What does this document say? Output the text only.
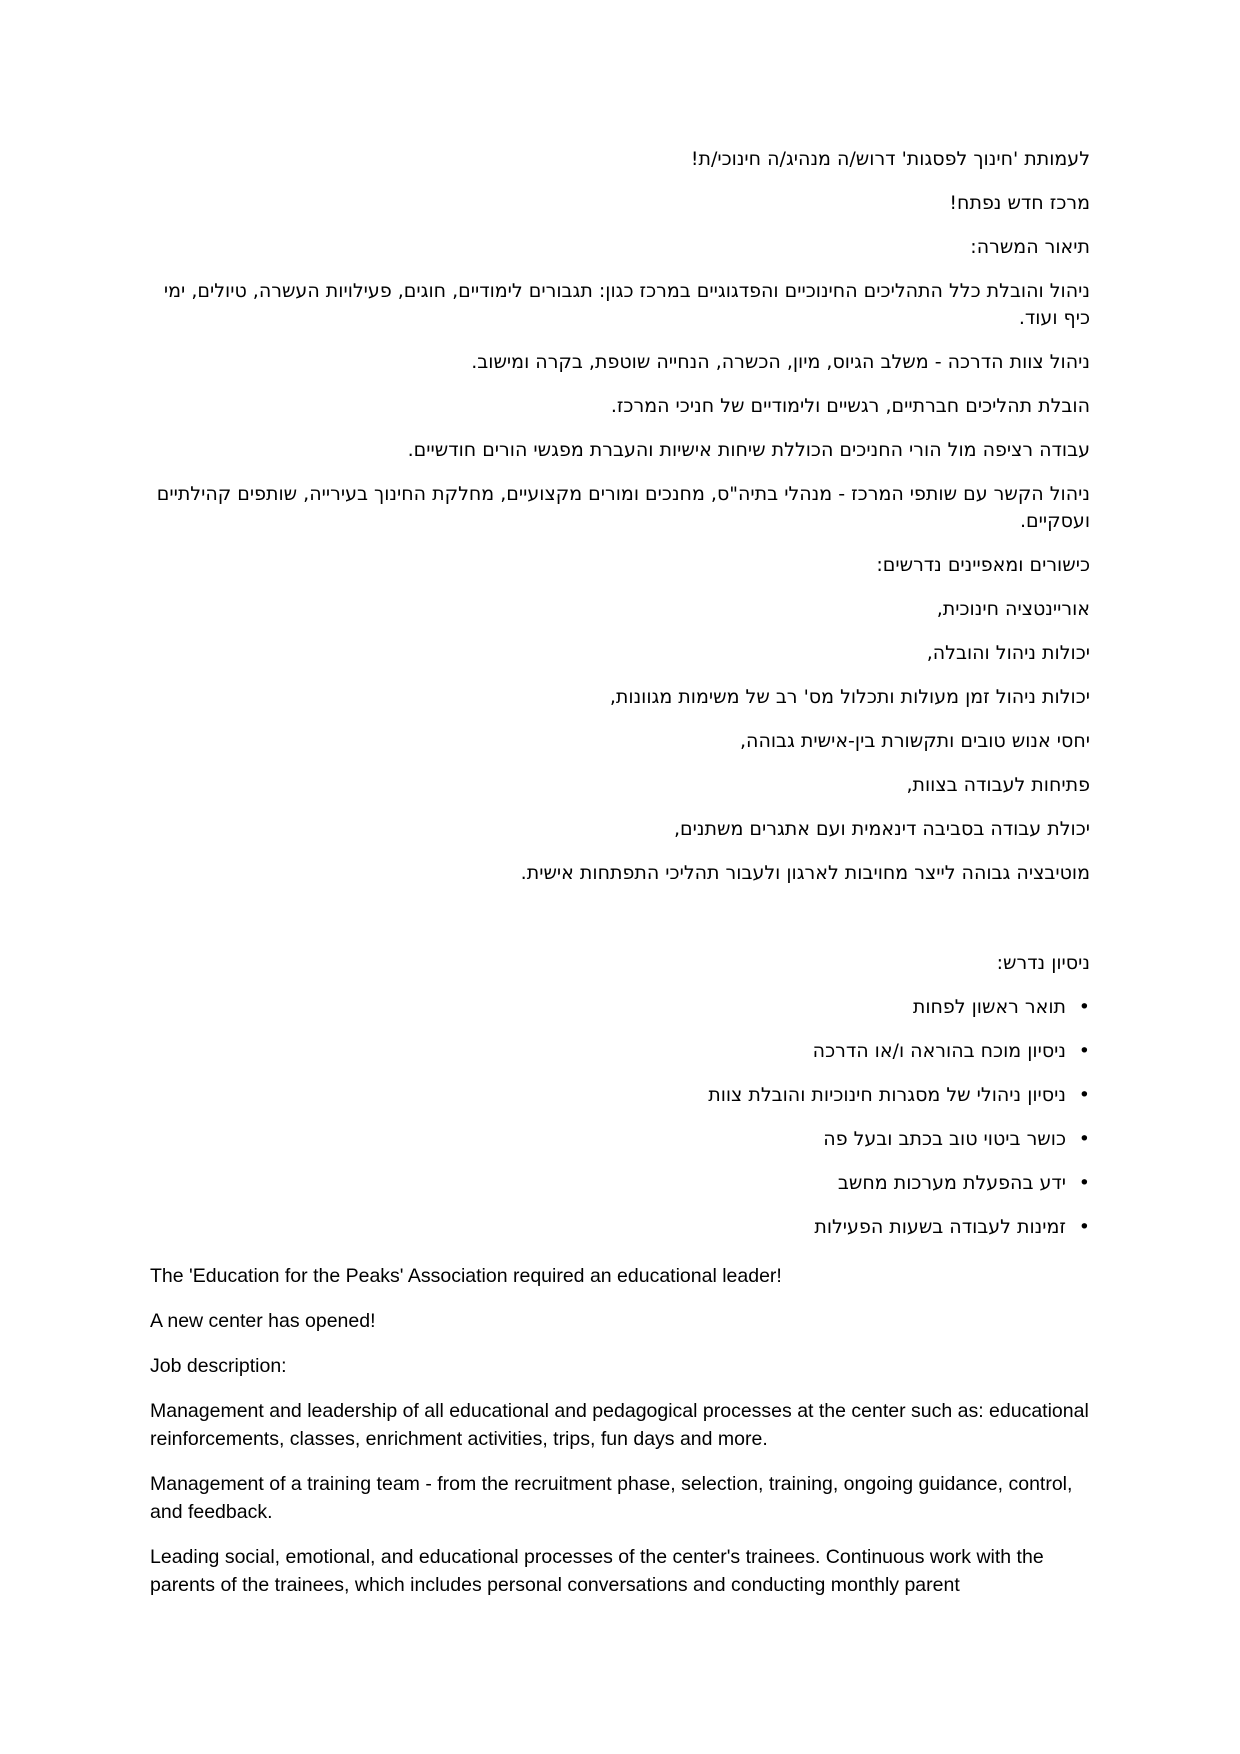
לעמותת 'חינוך לפסגות' דרוש/ה מנהיג/ה חינוכי/ת!

מרכז חדש נפתח!

תיאור המשרה:

ניהול והובלת כלל התהליכים החינוכיים והפדגוגיים במרכז כגון: תגבורים לימודיים, חוגים, פעילויות העשרה, טיולים, ימי כיף ועוד.

ניהול צוות הדרכה - משלב הגיוס, מיון, הכשרה, הנחייה שוטפת, בקרה ומישוב.

הובלת תהליכים חברתיים, רגשיים ולימודיים של חניכי המרכז.

עבודה רציפה מול הורי החניכים הכוללת שיחות אישיות והעברת מפגשי הורים חודשיים.

ניהול הקשר עם שותפי המרכז - מנהלי בתיה"ס, מחנכים ומורים מקצועיים, מחלקת החינוך בעירייה, שותפים קהילתיים ועסקיים.

כישורים ומאפיינים נדרשים:

אוריינטציה חינוכית,

יכולות ניהול והובלה,

יכולות ניהול זמן מעולות ותכלול מס' רב של משימות מגוונות,

יחסי אנוש טובים ותקשורת בין-אישית גבוהה,

פתיחות לעבודה בצוות,

יכולת עבודה בסביבה דינאמית ועם אתגרים משתנים,

מוטיבציה גבוהה לייצר מחויבות לארגון ולעבור תהליכי התפתחות אישית.

ניסיון נדרש:

•
תואר ראשון לפחות
•
ניסיון מוכח בהוראה ו/או הדרכה
•
ניסיון ניהולי של מסגרות חינוכיות והובלת צוות
•
כושר ביטוי טוב בכתב ובעל פה
•
ידע בהפעלת מערכות מחשב
•
זמינות לעבודה בשעות הפעילות

The 'Education for the Peaks' Association required an educational leader!

A new center has opened!

Job description:

Management and leadership of all educational and pedagogical processes at the center such as: educational reinforcements, classes, enrichment activities, trips, fun days and more.

Management of a training team - from the recruitment phase, selection, training, ongoing guidance, control, and feedback.

Leading social, emotional, and educational processes of the center's trainees. Continuous work with the parents of the trainees, which includes personal conversations and conducting monthly parent
